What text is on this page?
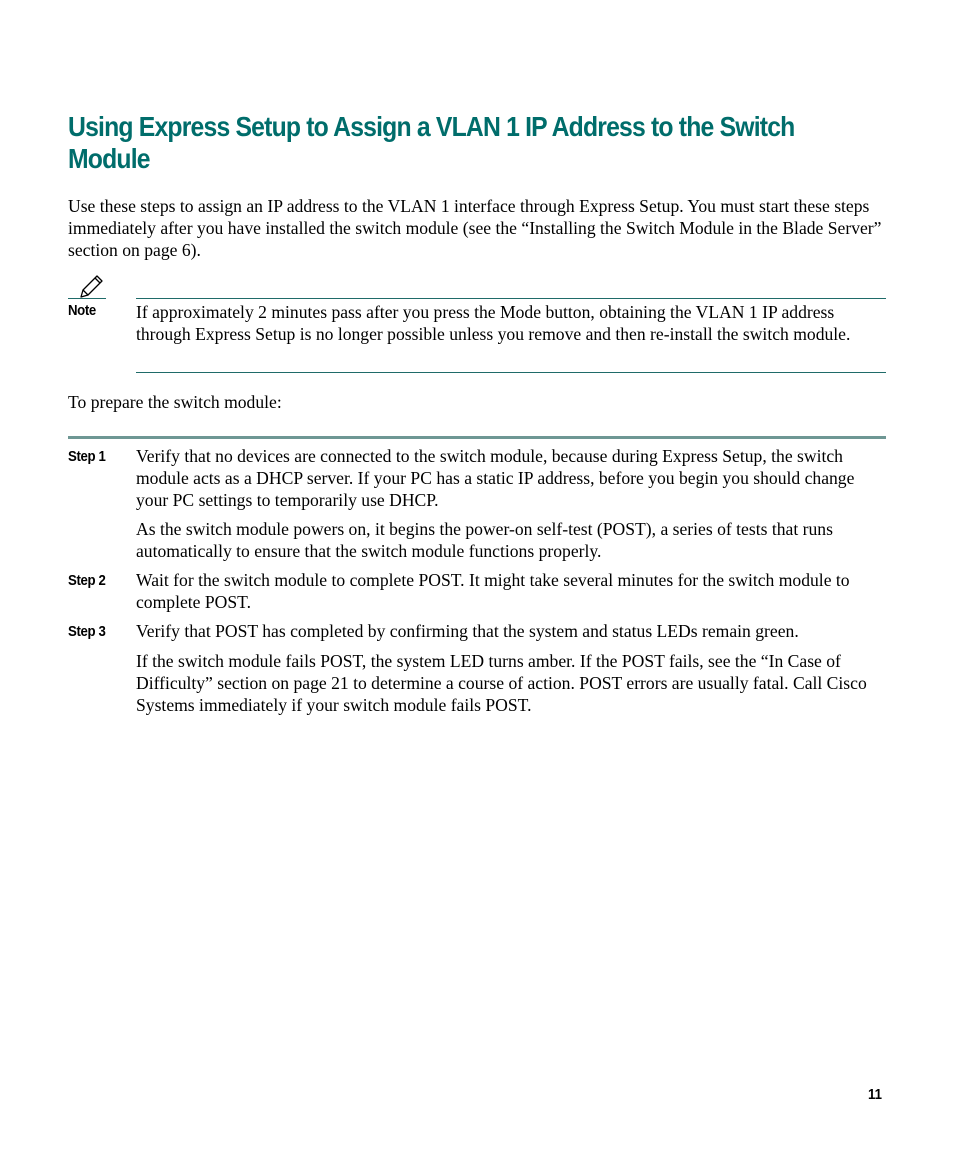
Using Express Setup to Assign a VLAN 1 IP Address to the Switch Module

Use these steps to assign an IP address to the VLAN 1 interface through Express Setup. You must start these steps immediately after you have installed the switch module (see the “Installing the Switch Module in the Blade Server” section on page 6).

Note If approximately 2 minutes pass after you press the Mode button, obtaining the VLAN 1 IP address through Express Setup is no longer possible unless you remove and then re-install the switch module.

To prepare the switch module:

Step 1 Verify that no devices are connected to the switch module, because during Express Setup, the switch module acts as a DHCP server. If your PC has a static IP address, before you begin you should change your PC settings to temporarily use DHCP.

As the switch module powers on, it begins the power-on self-test (POST), a series of tests that runs automatically to ensure that the switch module functions properly.

Step 2 Wait for the switch module to complete POST. It might take several minutes for the switch module to complete POST.

Step 3 Verify that POST has completed by confirming that the system and status LEDs remain green.

If the switch module fails POST, the system LED turns amber. If the POST fails, see the “In Case of Difficulty” section on page 21 to determine a course of action. POST errors are usually fatal. Call Cisco Systems immediately if your switch module fails POST.

11
